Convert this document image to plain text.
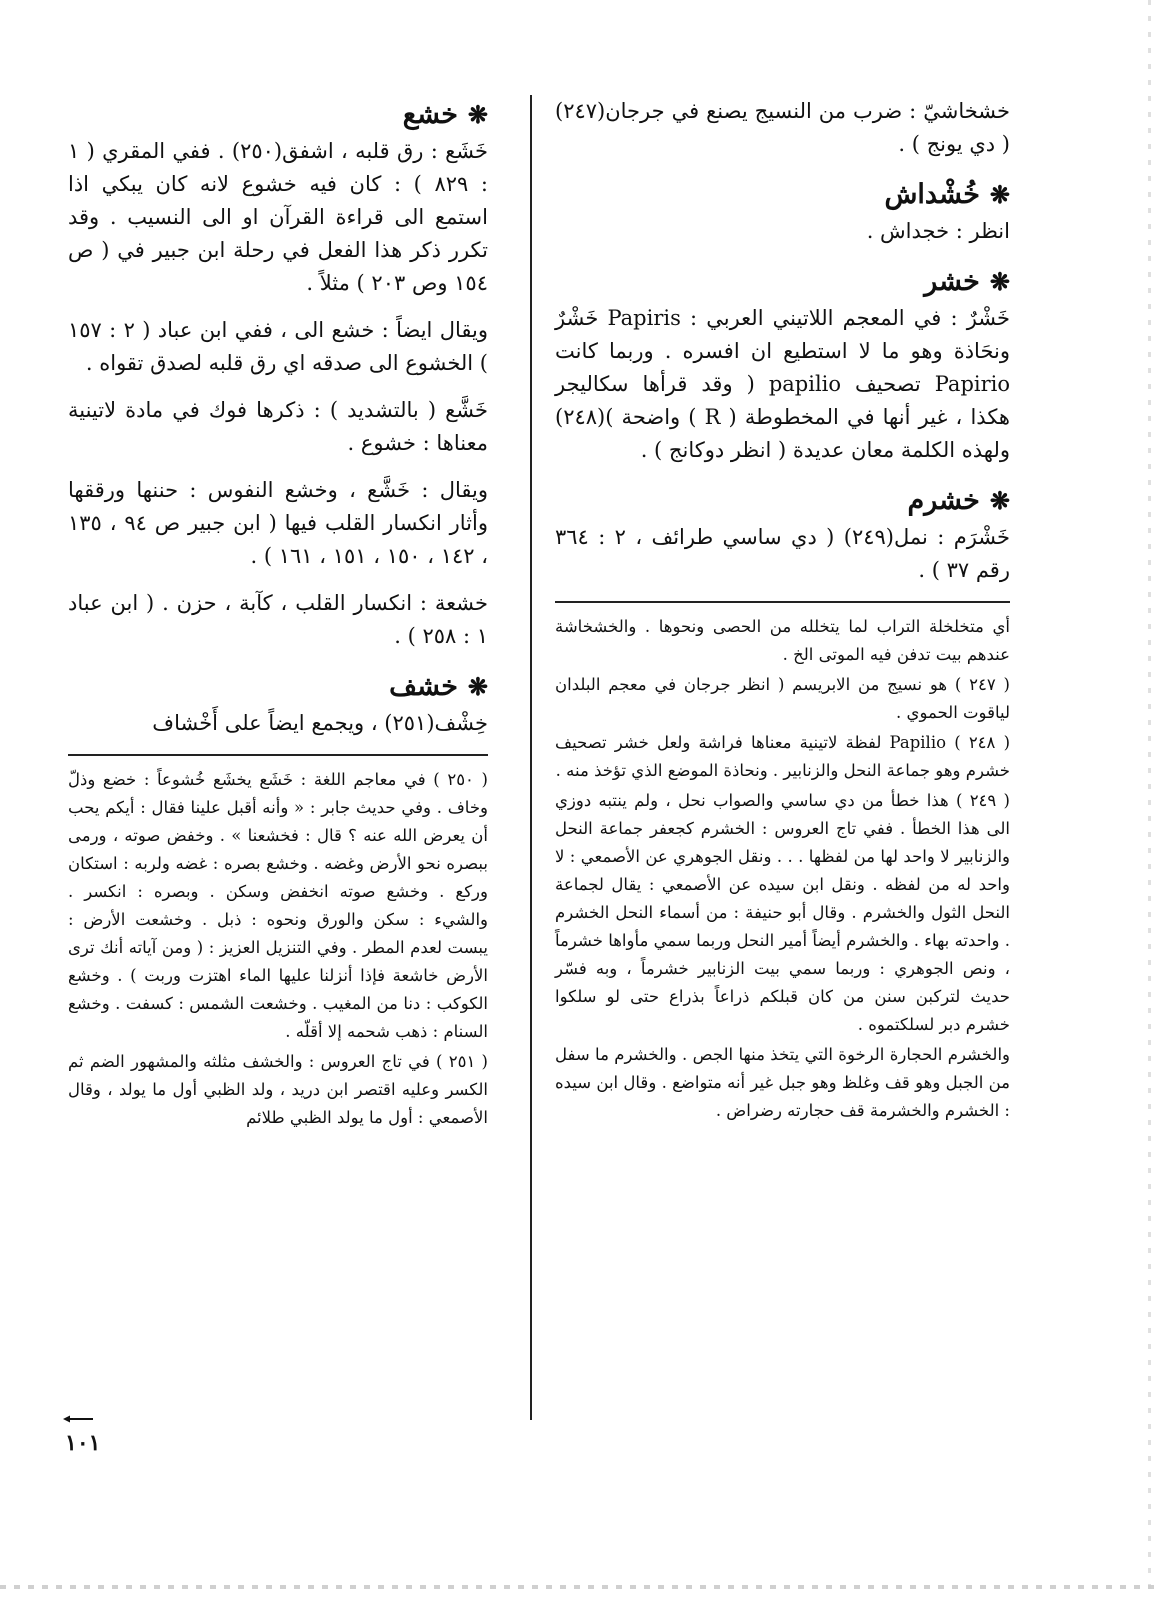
خشخاشيّ : ضرب من النسيج يصنع في جرجان(٢٤٧) ( دي يونج ) .

❋
خُشْداش

انظر : خجداش .

❋
خشر

خَشْرٌ : في المعجم اللاتيني العربي : Papiris خَشْرٌ ونحَاذة وهو ما لا استطيع ان افسره . وربما كانت Papirio تصحيف papilio ( وقد قرأها سكاليجر هكذا ، غير أنها في المخطوطة ( R ) واضحة )(٢٤٨) ولهذه الكلمة معان عديدة ( انظر دوكانج ) .

❋
خشرم

خَشْرَم : نمل(٢٤٩) ( دي ساسي طرائف ، ٢ : ٣٦٤ رقم ٣٧ ) .

أي متخلخلة التراب لما يتخلله من الحصى ونحوها . والخشخاشة عندهم بيت تدفن فيه الموتى الخ .

( ٢٤٧ ) هو نسيج من الابريسم ( انظر جرجان في معجم البلدان لياقوت الحموي .

( ٢٤٨ ) Papilio لفظة لاتينية معناها فراشة ولعل خشر تصحيف خشرم وهو جماعة النحل والزنابير . ونحاذة الموضع الذي تؤخذ منه .

( ٢٤٩ ) هذا خطأ من دي ساسي والصواب نحل ، ولم ينتبه دوزي الى هذا الخطأ . ففي تاج العروس : الخشرم كجعفر جماعة النحل والزنابير لا واحد لها من لفظها . . . ونقل الجوهري عن الأصمعي : لا واحد له من لفظه . ونقل ابن سيده عن الأصمعي : يقال لجماعة النحل الثول والخشرم . وقال أبو حنيفة : من أسماء النحل الخشرم . واحدته بهاء . والخشرم أيضاً أمير النحل وربما سمي مأواها خشرماً ، ونص الجوهري : وربما سمي بيت الزنابير خشرماً ، وبه فسّر حديث لتركبن سنن من كان قبلكم ذراعاً بذراع حتى لو سلكوا خشرم دبر لسلكتموه .

والخشرم الحجارة الرخوة التي يتخذ منها الجص . والخشرم ما سفل من الجبل وهو قف وغلظ وهو جبل غير أنه متواضع . وقال ابن سيده : الخشرم والخشرمة قف حجارته رضراض .

❋
خشع

خَشَع : رق قلبه ، اشفق(٢٥٠) . ففي المقري ( ١ : ٨٢٩ ) : كان فيه خشوع لانه كان يبكي اذا استمع الى قراءة القرآن او الى النسيب . وقد تكرر ذكر هذا الفعل في رحلة ابن جبير في ( ص ١٥٤ وص ٢٠٣ ) مثلاً .

ويقال ايضاً : خشع الى ، ففي ابن عباد ( ٢ : ١٥٧ ) الخشوع الى صدقه اي رق قلبه لصدق تقواه .

خَشَّع ( بالتشديد ) : ذكرها فوك في مادة لاتينية معناها : خشوع .

ويقال : خَشَّع ، وخشع النفوس : حننها ورققها وأثار انكسار القلب فيها ( ابن جبير ص ٩٤ ، ١٣٥ ، ١٤٢ ، ١٥٠ ، ١٥١ ، ١٦١ ) .

خشعة : انكسار القلب ، كآبة ، حزن . ( ابن عباد ١ : ٢٥٨ ) .

❋
خشف

خِشْف(٢٥١) ، ويجمع ايضاً على أَخْشاف

( ٢٥٠ ) في معاجم اللغة : خَشَع يخشَع خُشوعاً : خضع وذلّ وخاف . وفي حديث جابر : « وأنه أقبل علينا فقال : أيكم يحب أن يعرض الله عنه ؟ قال : فخشعنا » . وخفض صوته ، ورمى ببصره نحو الأرض وغضه . وخشع بصره : غضه ولربه : استكان وركع . وخشع صوته انخفض وسكن . وبصره : انكسر . والشيء : سكن والورق ونحوه : ذبل . وخشعت الأرض : يبست لعدم المطر . وفي التنزيل العزيز : ( ومن آياته أنك ترى الأرض خاشعة فإذا أنزلنا عليها الماء اهتزت وربت ) . وخشع الكوكب : دنا من المغيب . وخشعت الشمس : كسفت . وخشع السنام : ذهب شحمه إلا أقلّه .

( ٢٥١ ) في تاج العروس : والخشف مثلثه والمشهور الضم ثم الكسر وعليه اقتصر ابن دريد ، ولد الظبي أول ما يولد ، وقال الأصمعي : أول ما يولد الظبي طلائم

١٠١
